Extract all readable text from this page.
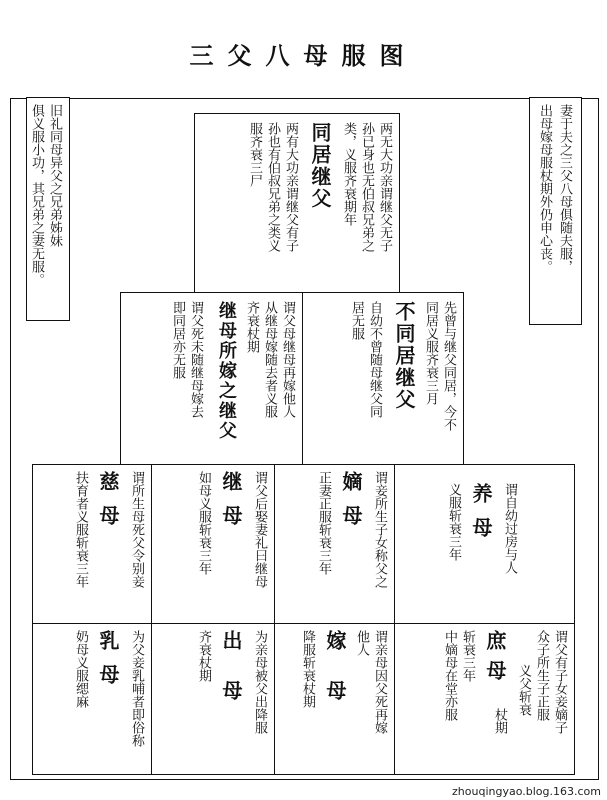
三父八母服图
旧礼同母异父之兄弟姊妹
俱义服小功，其兄弟之妻无服。	妻于夫之三父八母俱随夫服，
出母嫁母服杖期外仍申心丧。
两无大功亲谓继父无子
孙已身也无伯叔兄弟之
类，义服齐衰期年
同居继父
两有大功亲谓继父有子
孙也有伯叔兄弟之类义
服齐衰三尸
谓父母继母再嫁他人
从继母嫁随去者义服
齐衰杖期
继母所嫁之继父
谓父死未随继母嫁去
即同居亦无服	先曾与继父同居，今不
同居义服齐衰三月
不同居继父
自幼不曾随母继父同
居无服
谓所生母死父令别妾
慈母
扶育者义服斩衰三年	谓父后娶妻礼曰继母
继母
如母义服斩衰三年	谓妾所生子女称父之
嫡母
正妻正服斩衰三年	谓自幼过房与人
养母
义服斩衰三年
为父妾乳哺者即俗称
乳母
奶母义服缌麻	为亲母被父出降服
出母
齐衰杖期	谓亲母因父死再嫁
他人
嫁母
降服斩衰杖期	谓父有子女妾嫡子
众子所生子正服
义父斩衰
庶母
杖期
斩衰三年
中嫡母在堂亦服
zhouqingyao.blog.163.com
